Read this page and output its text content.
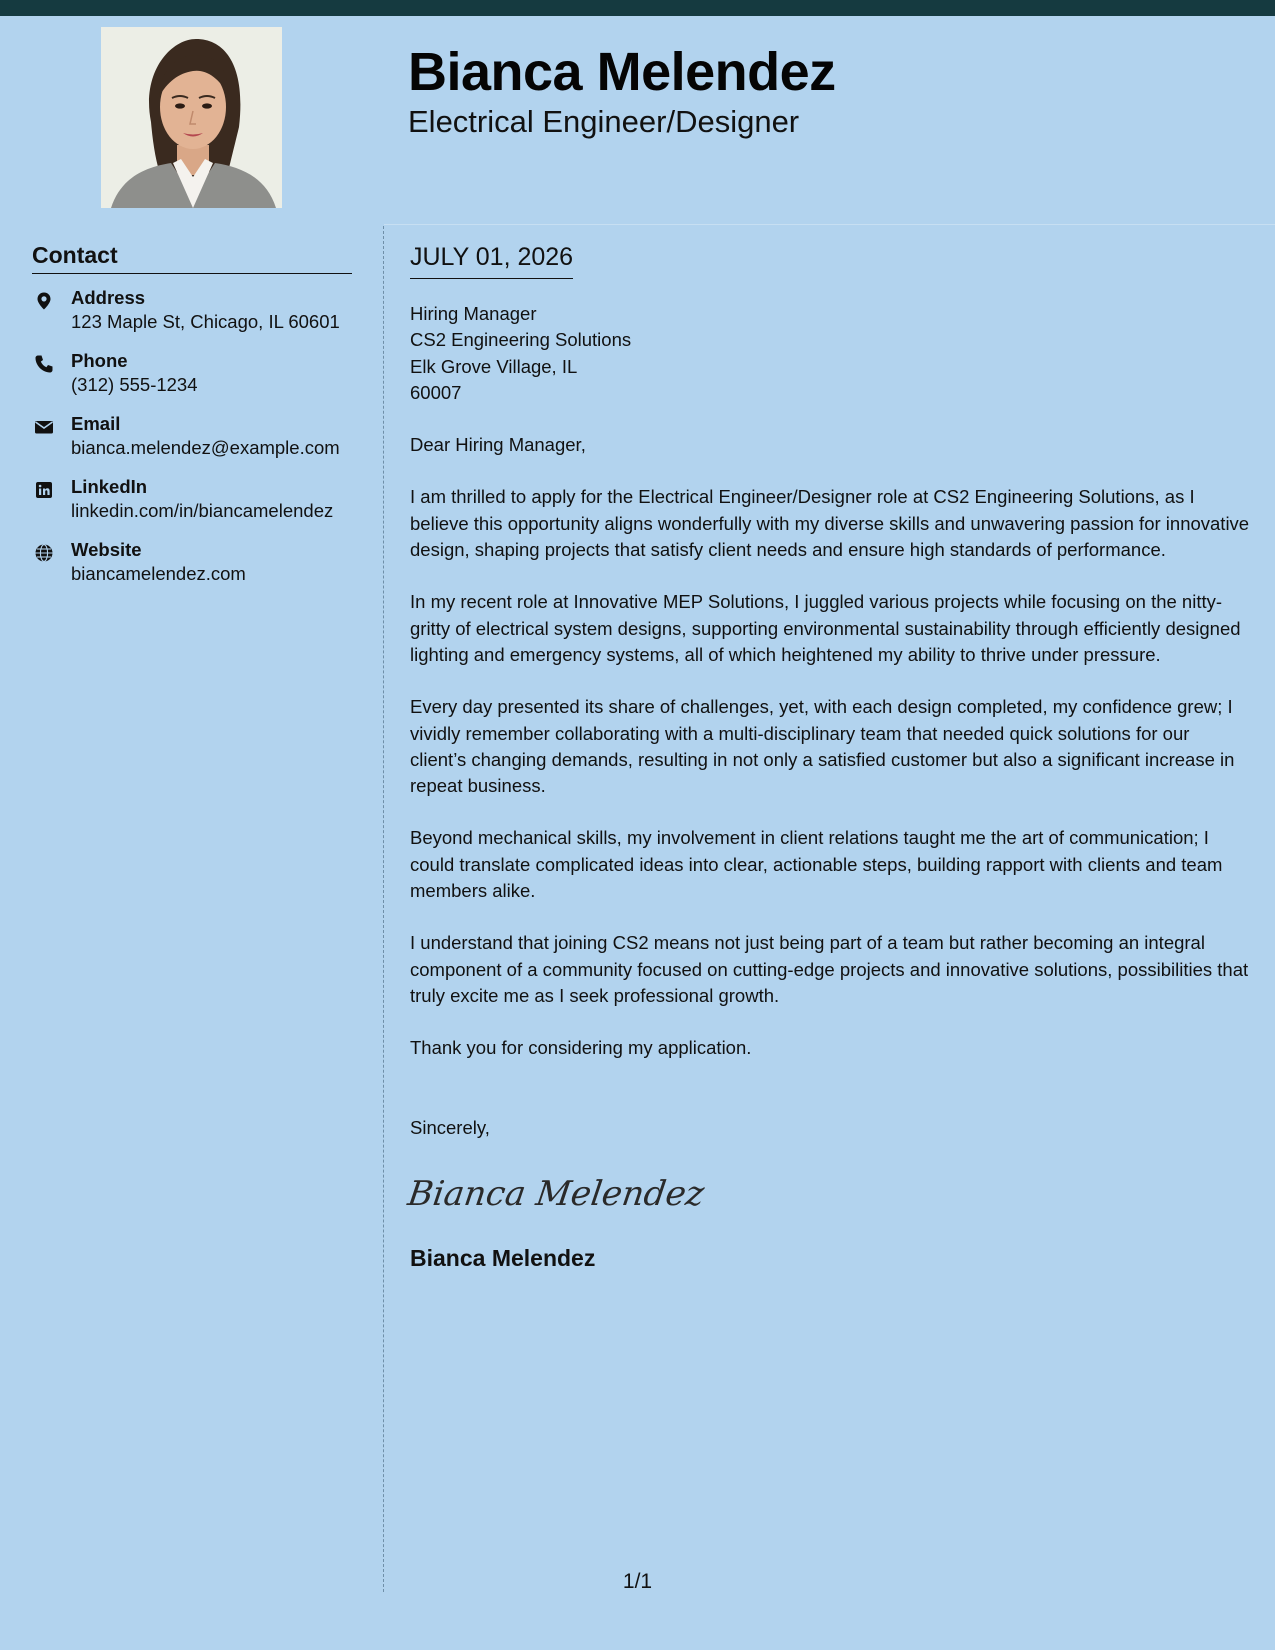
Bianca Melendez
Electrical Engineer/Designer
Contact
Address
123 Maple St, Chicago, IL 60601
Phone
(312) 555-1234
Email
bianca.melendez@example.com
LinkedIn
linkedin.com/in/biancamelendez
Website
biancamelendez.com
JULY 01, 2026
Hiring Manager
CS2 Engineering Solutions
Elk Grove Village, IL
60007

Dear Hiring Manager,

I am thrilled to apply for the Electrical Engineer/Designer role at CS2 Engineering Solutions, as I believe this opportunity aligns wonderfully with my diverse skills and unwavering passion for innovative design, shaping projects that satisfy client needs and ensure high standards of performance.

In my recent role at Innovative MEP Solutions, I juggled various projects while focusing on the nitty-gritty of electrical system designs, supporting environmental sustainability through efficiently designed lighting and emergency systems, all of which heightened my ability to thrive under pressure.

Every day presented its share of challenges, yet, with each design completed, my confidence grew; I vividly remember collaborating with a multi-disciplinary team that needed quick solutions for our client’s changing demands, resulting in not only a satisfied customer but also a significant increase in repeat business.

Beyond mechanical skills, my involvement in client relations taught me the art of communication; I could translate complicated ideas into clear, actionable steps, building rapport with clients and team members alike.

I understand that joining CS2 means not just being part of a team but rather becoming an integral component of a community focused on cutting-edge projects and innovative solutions, possibilities that truly excite me as I seek professional growth.

Thank you for considering my application.

Sincerely,

Bianca Melendez
Bianca Melendez
1/1
